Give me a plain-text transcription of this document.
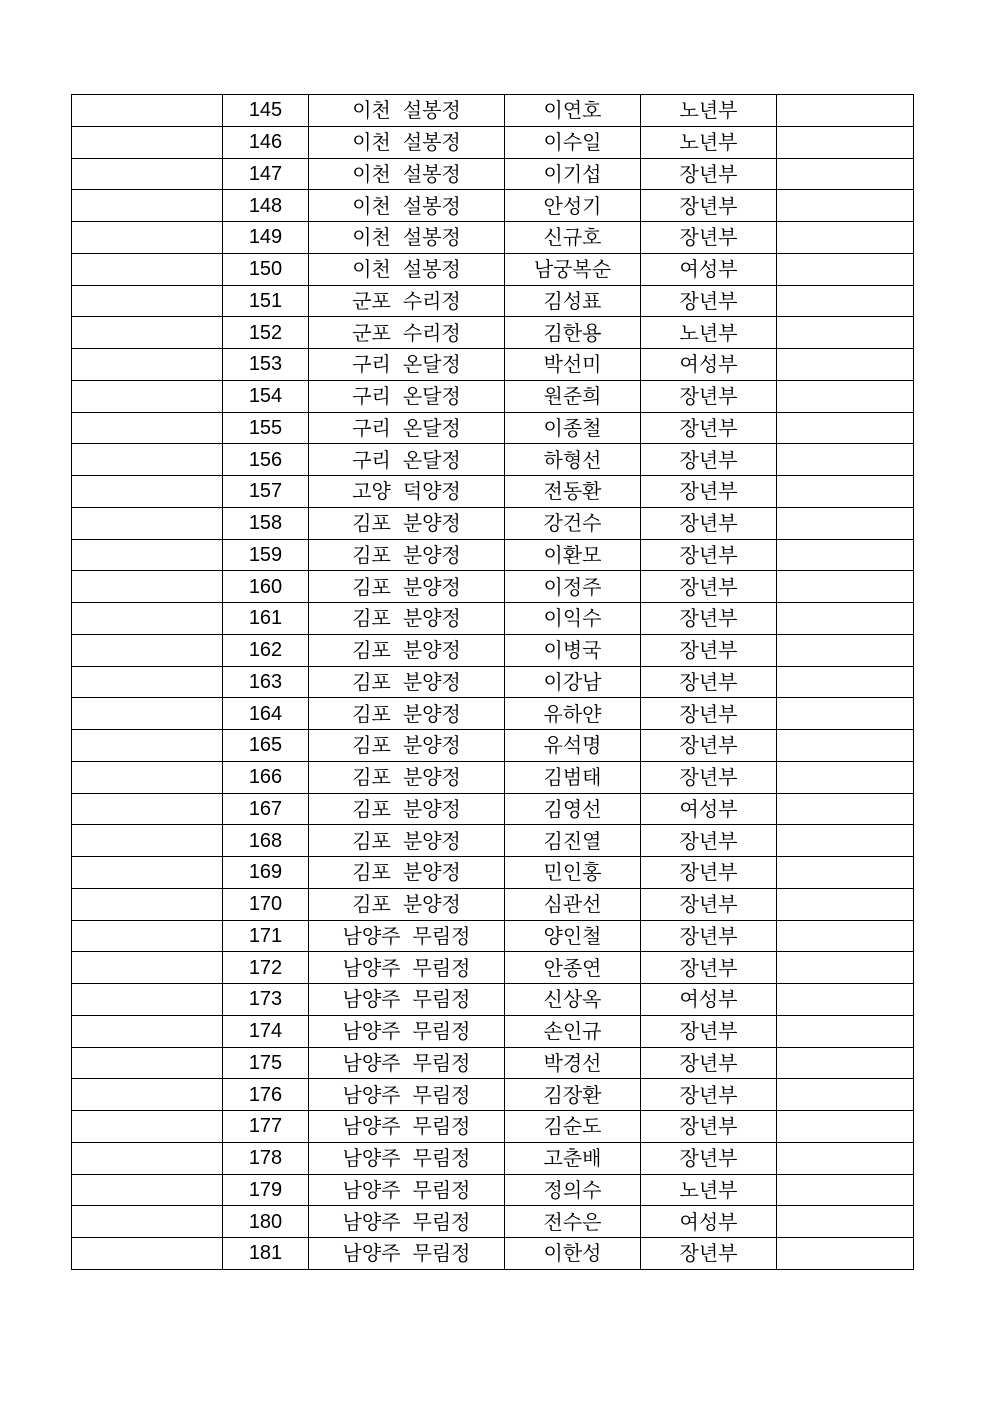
	145	이천 설봉정	이연호	노년부	
	146	이천 설봉정	이수일	노년부	
	147	이천 설봉정	이기섭	장년부	
	148	이천 설봉정	안성기	장년부	
	149	이천 설봉정	신규호	장년부	
	150	이천 설봉정	남궁복순	여성부	
	151	군포 수리정	김성표	장년부	
	152	군포 수리정	김한용	노년부	
	153	구리 온달정	박선미	여성부	
	154	구리 온달정	원준희	장년부	
	155	구리 온달정	이종철	장년부	
	156	구리 온달정	하형선	장년부	
	157	고양 덕양정	전동환	장년부	
	158	김포 분양정	강건수	장년부	
	159	김포 분양정	이환모	장년부	
	160	김포 분양정	이정주	장년부	
	161	김포 분양정	이익수	장년부	
	162	김포 분양정	이병국	장년부	
	163	김포 분양정	이강남	장년부	
	164	김포 분양정	유하얀	장년부	
	165	김포 분양정	유석명	장년부	
	166	김포 분양정	김범태	장년부	
	167	김포 분양정	김영선	여성부	
	168	김포 분양정	김진열	장년부	
	169	김포 분양정	민인홍	장년부	
	170	김포 분양정	심관선	장년부	
	171	남양주 무림정	양인철	장년부	
	172	남양주 무림정	안종연	장년부	
	173	남양주 무림정	신상옥	여성부	
	174	남양주 무림정	손인규	장년부	
	175	남양주 무림정	박경선	장년부	
	176	남양주 무림정	김장환	장년부	
	177	남양주 무림정	김순도	장년부	
	178	남양주 무림정	고춘배	장년부	
	179	남양주 무림정	정의수	노년부	
	180	남양주 무림정	전수은	여성부	
	181	남양주 무림정	이한성	장년부	
